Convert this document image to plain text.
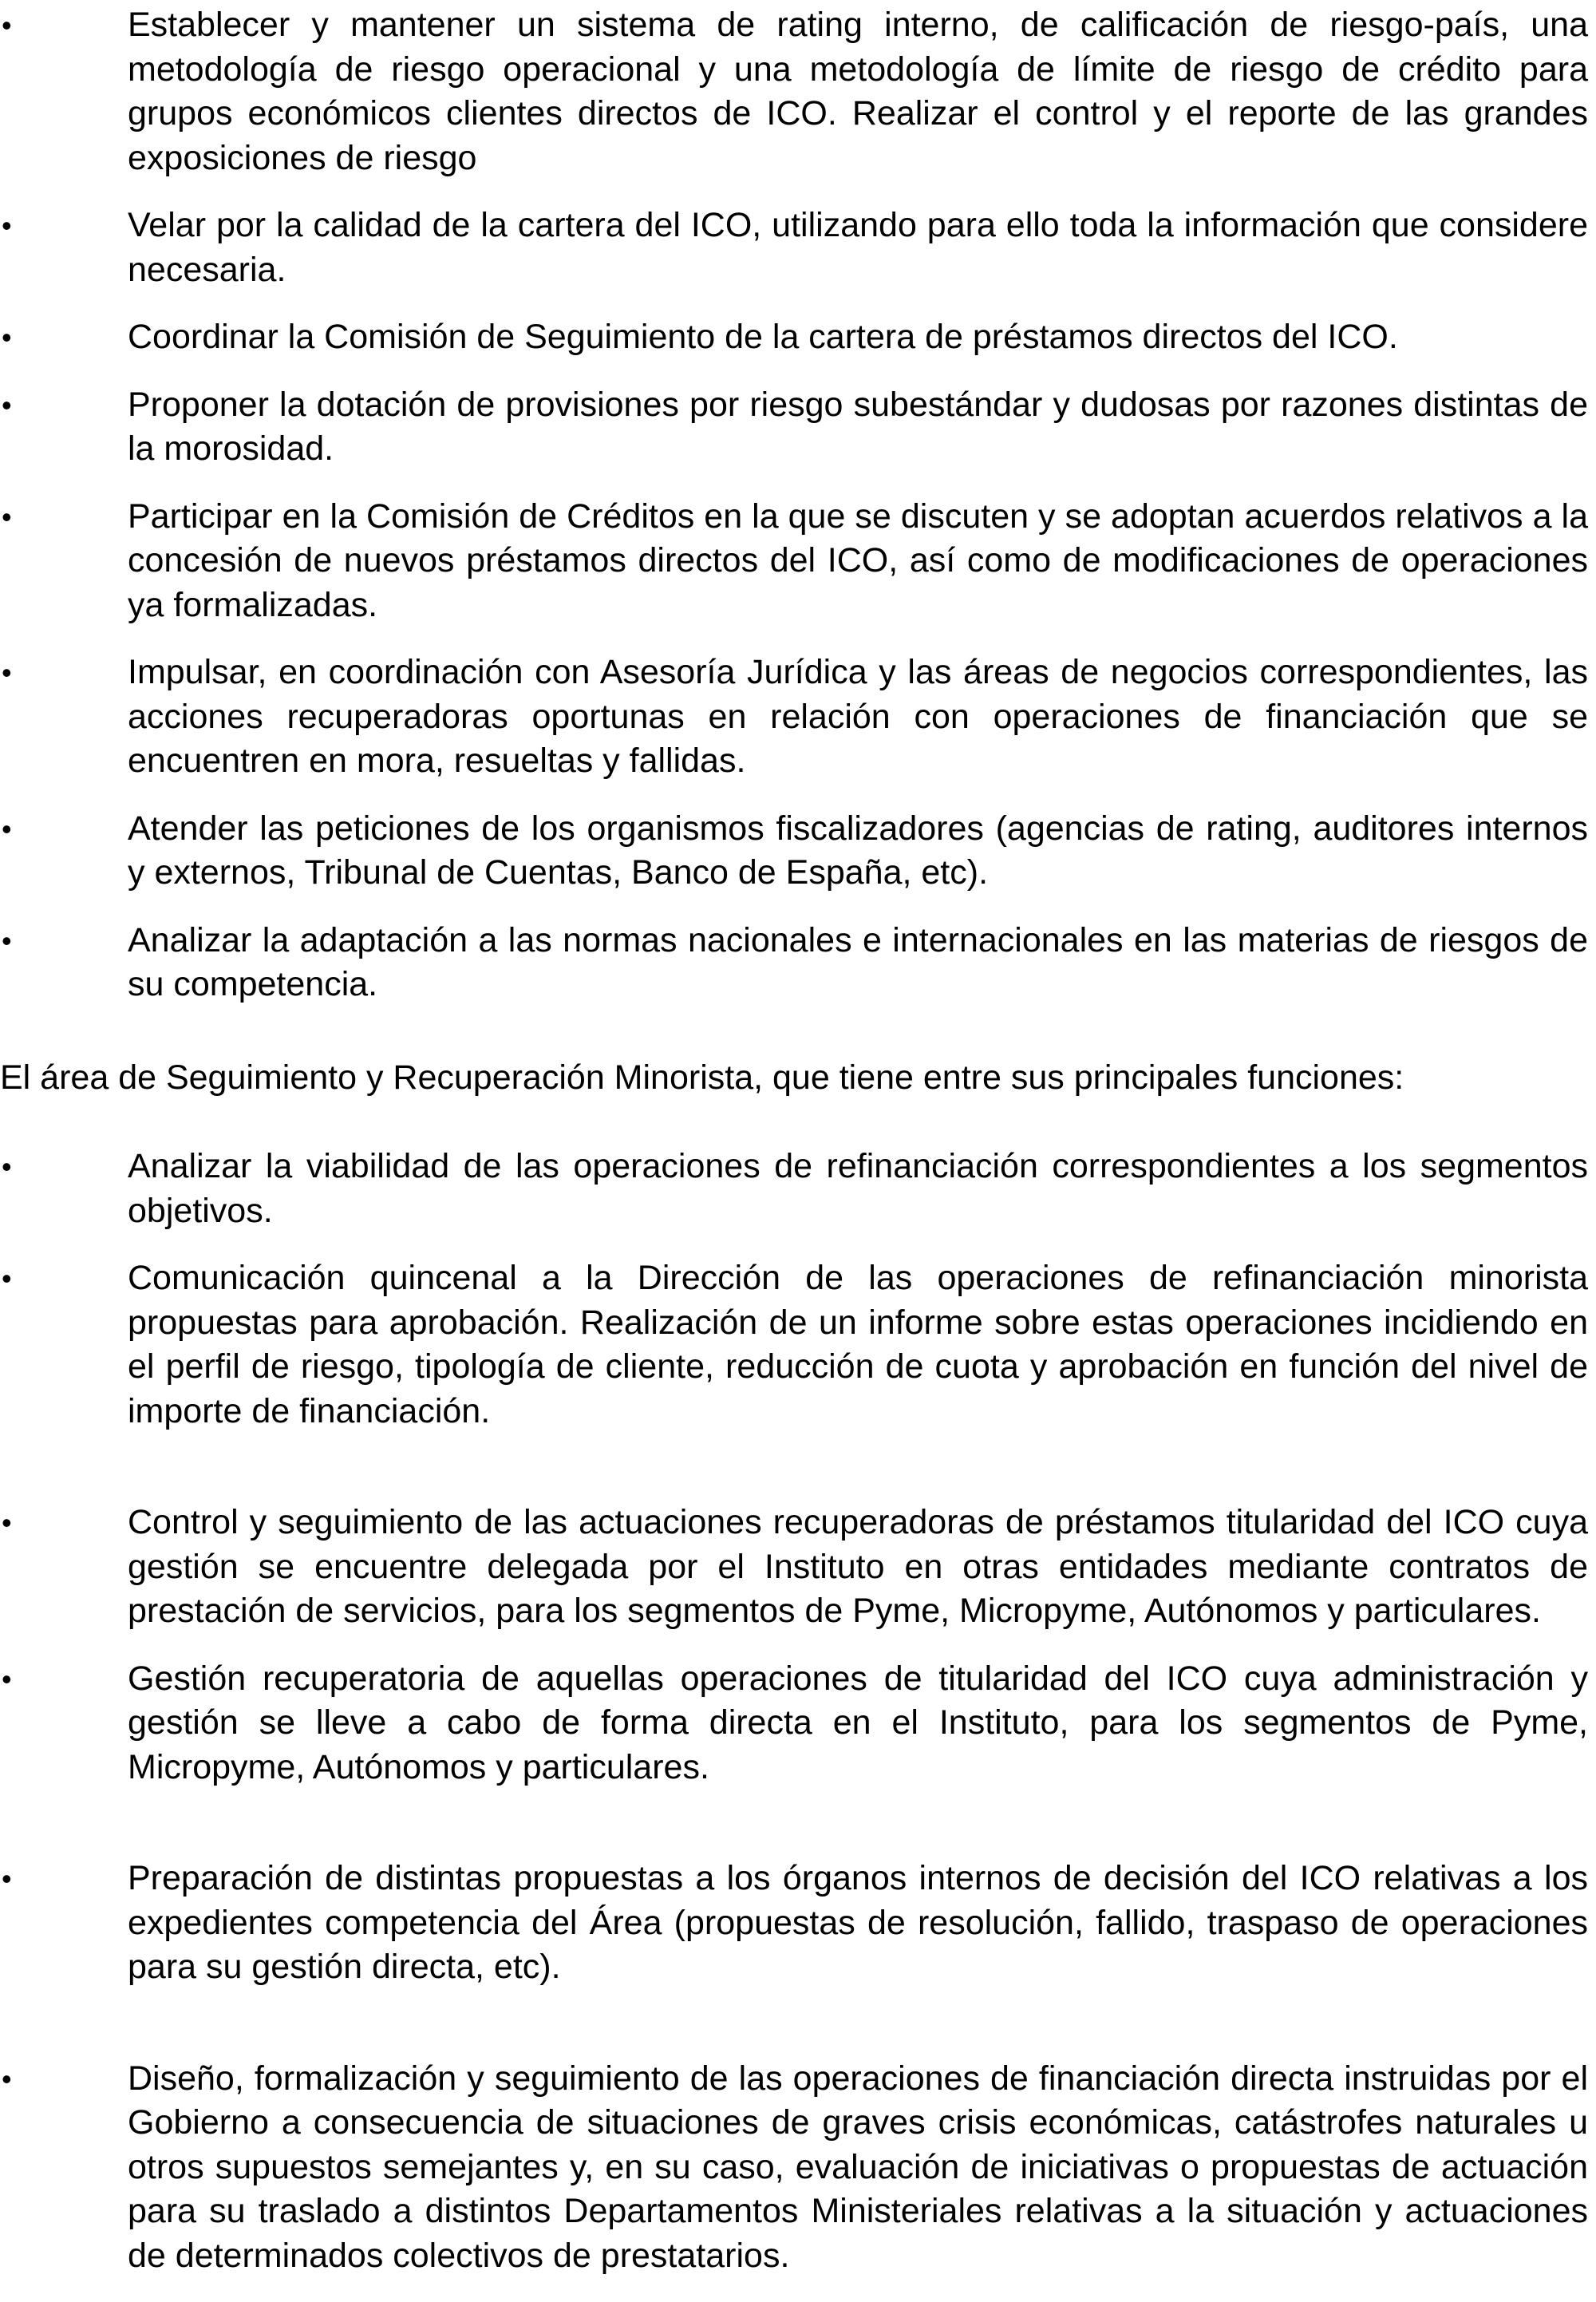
•	Establecer y mantener un sistema de rating interno, de calificación de riesgo-país, una metodología de riesgo operacional y una metodología de límite de riesgo de crédito para grupos económicos clientes directos de ICO. Realizar el control y el reporte de las grandes exposiciones de riesgo
•	Velar por la calidad de la cartera del ICO, utilizando para ello toda la información que considere necesaria.
•	Coordinar la Comisión de Seguimiento de la cartera de préstamos directos del ICO.
•	Proponer la dotación de provisiones por riesgo subestándar y dudosas por razones distintas de la morosidad.
•	Participar en la Comisión de Créditos en la que se discuten y se adoptan acuerdos relativos a la concesión de nuevos préstamos directos del ICO, así como de modificaciones de operaciones ya formalizadas.
•	Impulsar, en coordinación con Asesoría Jurídica y las áreas de negocios correspondientes, las acciones recuperadoras oportunas en relación con operaciones de financiación que se encuentren en mora, resueltas y fallidas.
•	Atender las peticiones de los organismos fiscalizadores (agencias de rating, auditores internos y externos, Tribunal de Cuentas, Banco de España, etc).
•	Analizar la adaptación a las normas nacionales e internacionales en las materias de riesgos de su competencia.

El área de Seguimiento y Recuperación Minorista, que tiene entre sus principales funciones:

•	Analizar la viabilidad de las operaciones de refinanciación correspondientes a los segmentos objetivos.
•	Comunicación quincenal a la Dirección de las operaciones de refinanciación minorista propuestas para aprobación. Realización de un informe sobre estas operaciones incidiendo en el perfil de riesgo, tipología de cliente, reducción de cuota y aprobación en función del nivel de importe de financiación.
•	Control y seguimiento de las actuaciones recuperadoras de préstamos titularidad del ICO cuya gestión se encuentre delegada por el Instituto en otras entidades mediante contratos de prestación de servicios, para los segmentos de Pyme, Micropyme, Autónomos y particulares.
•	Gestión recuperatoria de aquellas operaciones de titularidad del ICO cuya administración y gestión se lleve a cabo de forma directa en el Instituto, para los segmentos de Pyme, Micropyme, Autónomos y particulares.
•	Preparación de distintas propuestas a los órganos internos de decisión del ICO relativas a los expedientes competencia del Área (propuestas de resolución, fallido, traspaso de operaciones para su gestión directa, etc).
•	Diseño, formalización y seguimiento de las operaciones de financiación directa instruidas por el Gobierno a consecuencia de situaciones de graves crisis económicas, catástrofes naturales u otros supuestos semejantes y, en su caso, evaluación de iniciativas o propuestas de actuación para su traslado a distintos Departamentos Ministeriales relativas a la situación y actuaciones de determinados colectivos de prestatarios.
